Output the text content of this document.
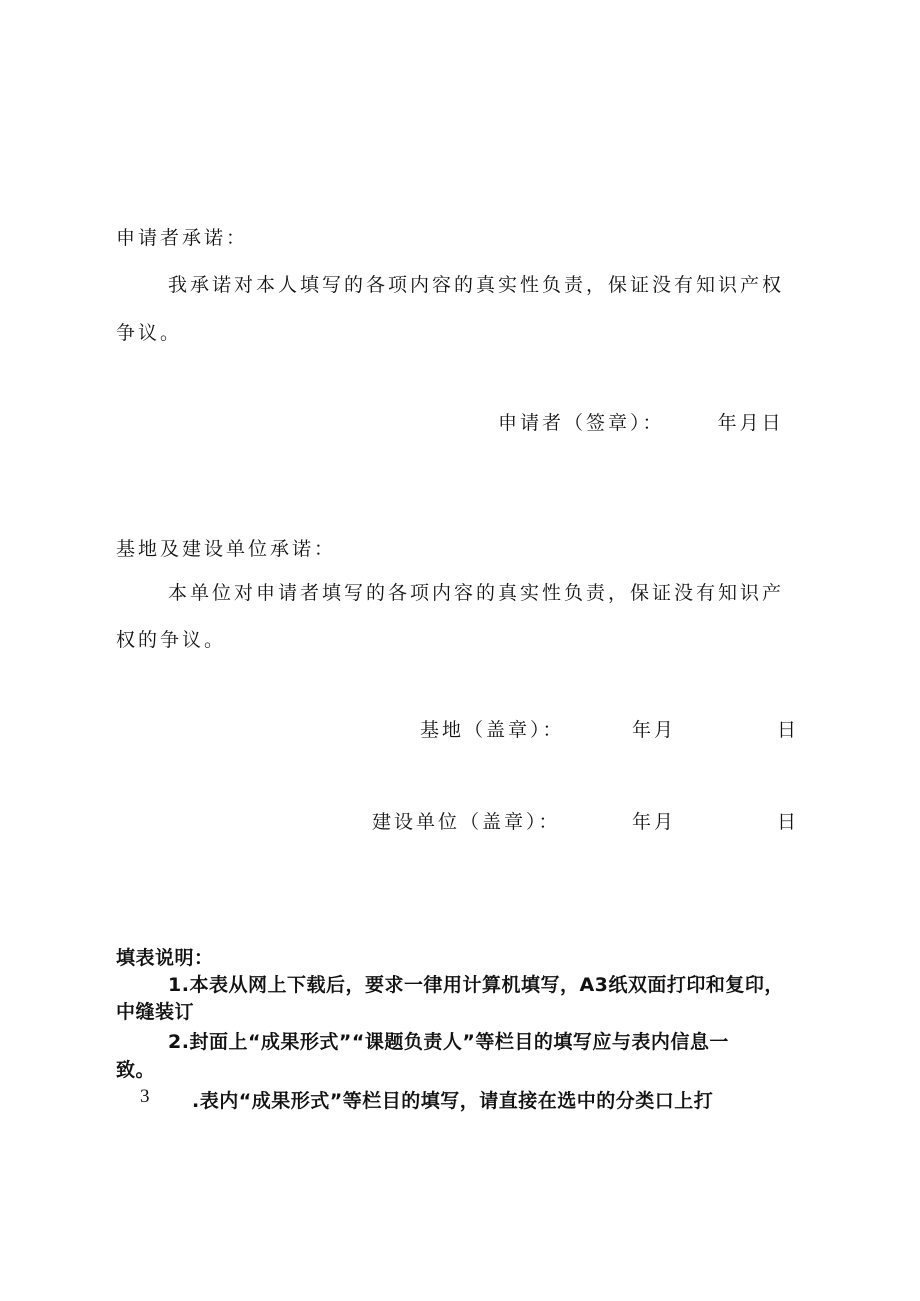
申请者承诺：
我承诺对本人填写的各项内容的真实性负责，保证没有知识产权
争议。
申请者（签章）：	年月日
基地及建设单位承诺：
本单位对申请者填写的各项内容的真实性负责，保证没有知识产
权的争议。
基地（盖章）：	年月	日
建设单位（盖章）：	年月	日
填表说明：
1.本表从网上下载后，要求一律用计算机填写，A3纸双面打印和复印，
中缝装订
2.封面上“成果形式”“课题负责人”等栏目的填写应与表内信息一
致。
3 .表内“成果形式”等栏目的填写，请直接在选中的分类口上打
